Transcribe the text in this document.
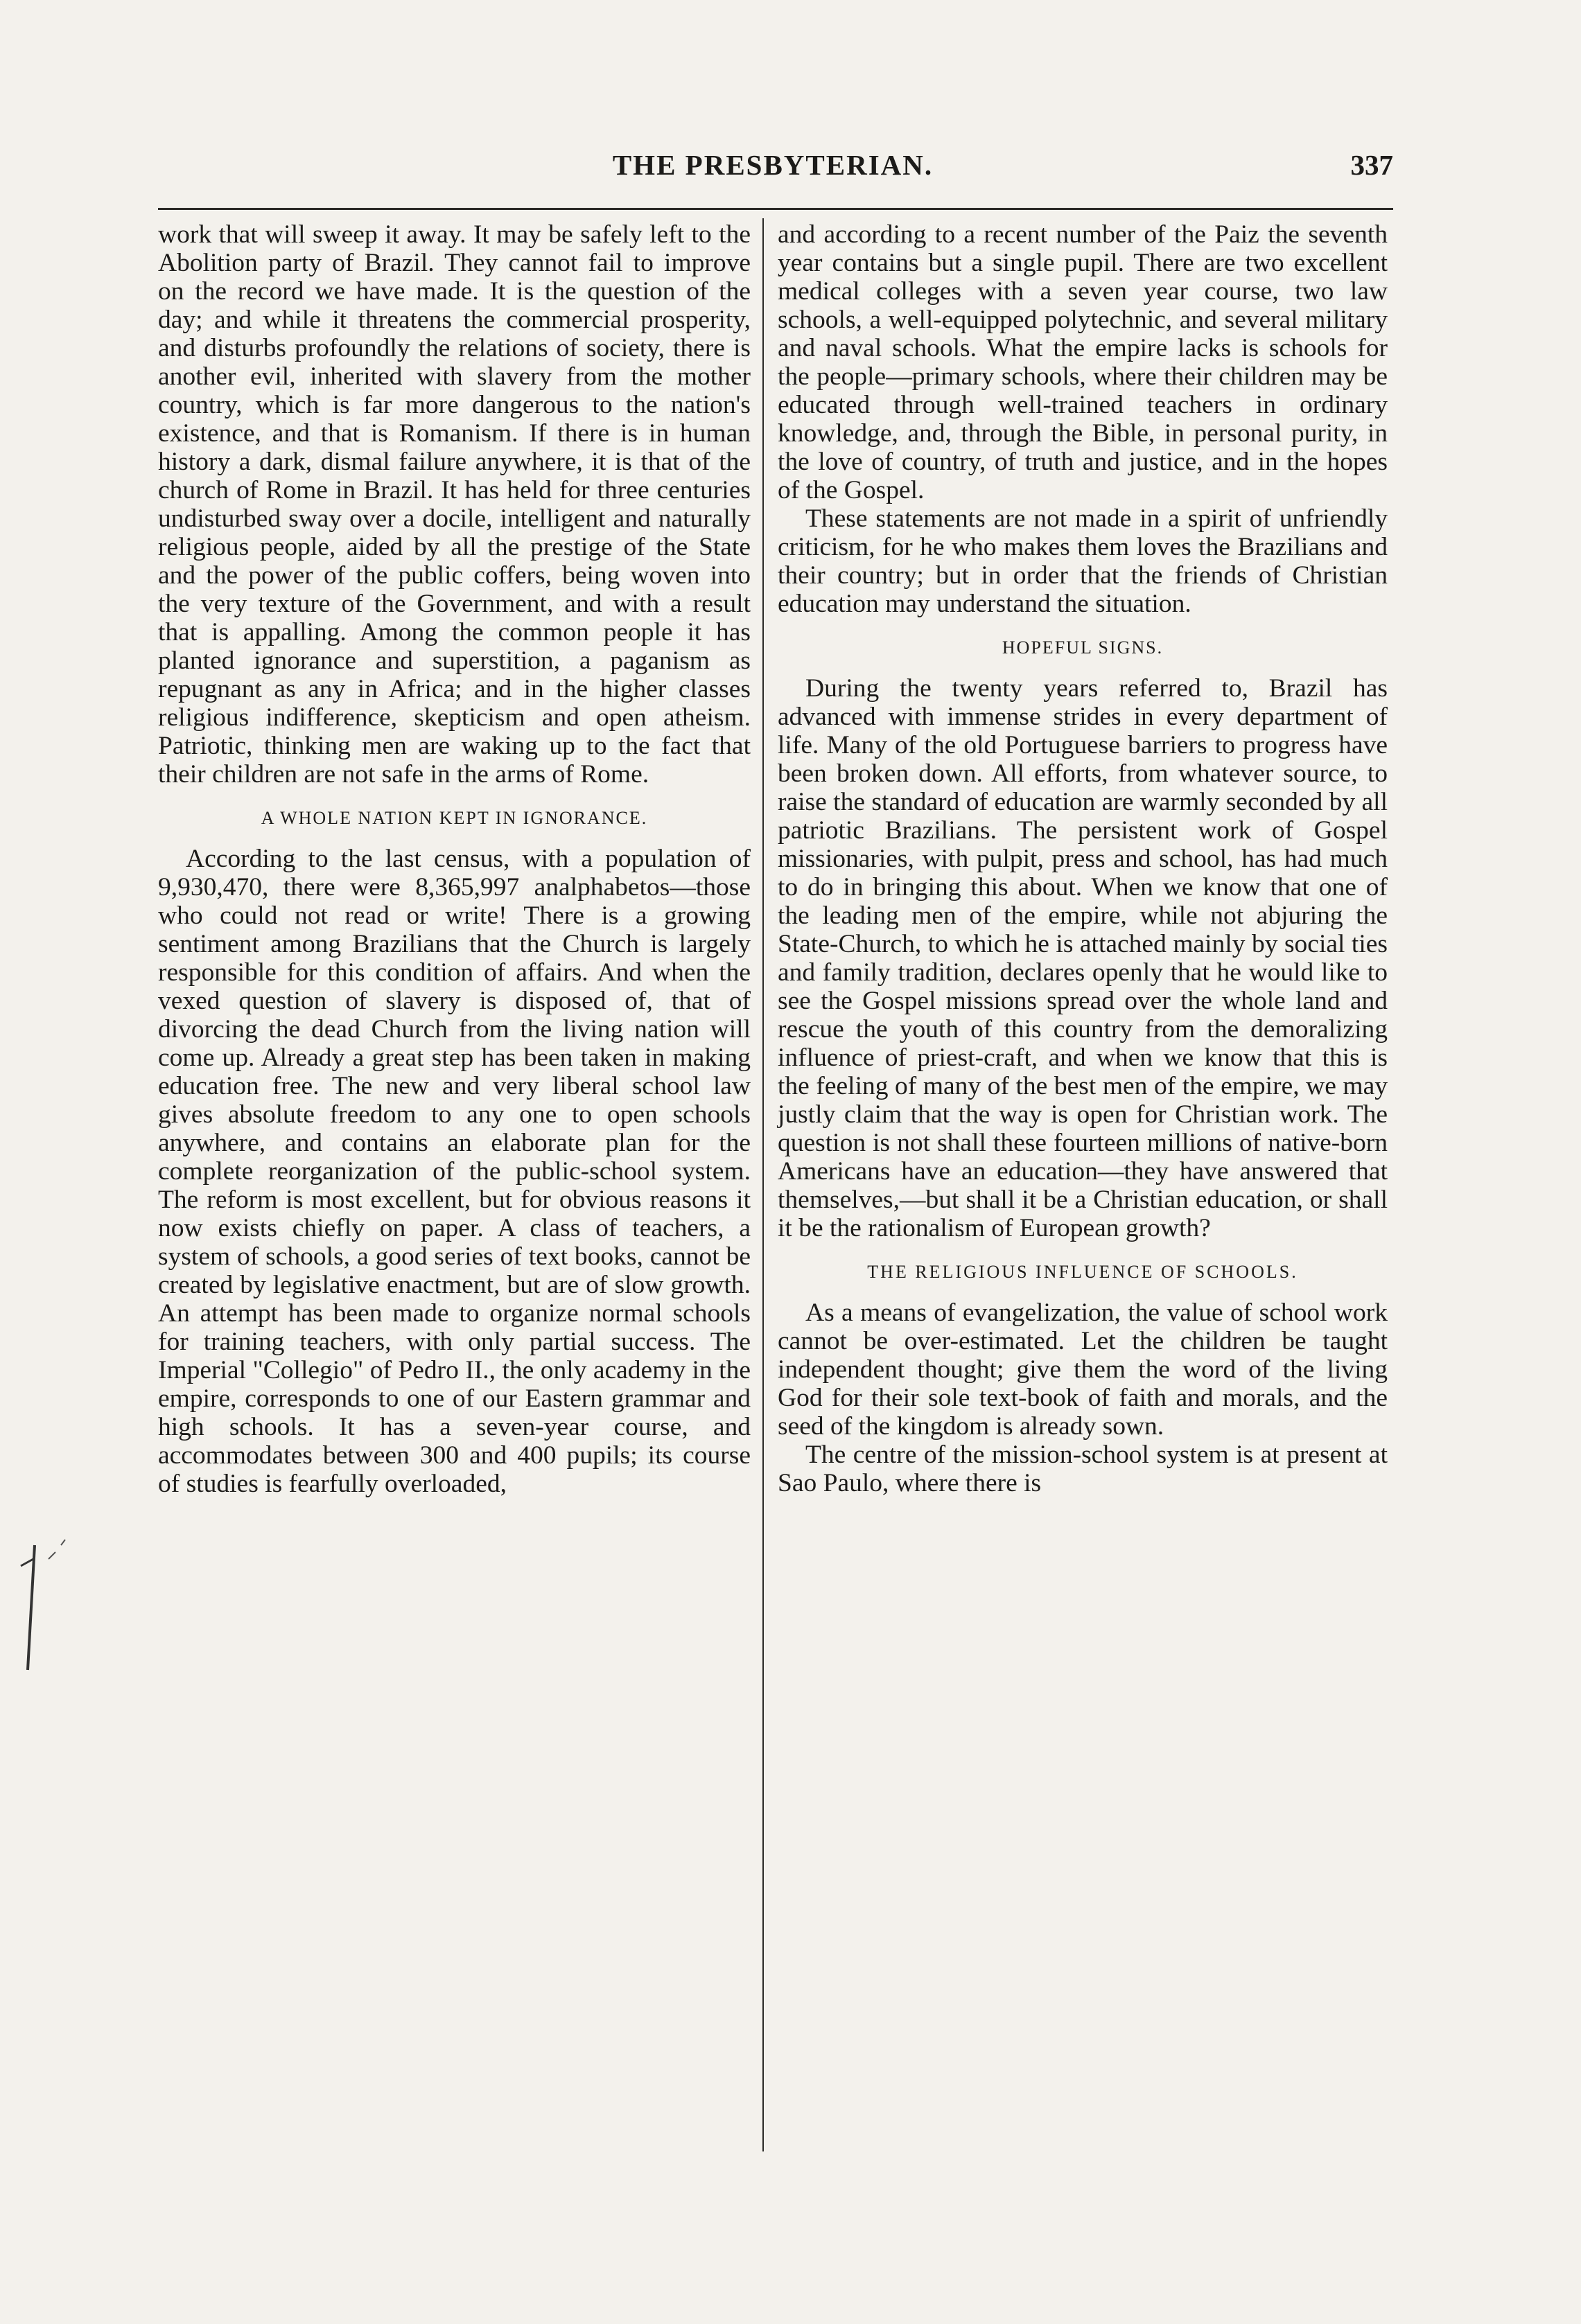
THE PRESBYTERIAN.	337

work that will sweep it away. It may be safely left to the Abolition party of Brazil. They cannot fail to improve on the record we have made. It is the question of the day; and while it threatens the commercial prosperity, and disturbs profoundly the relations of society, there is another evil, inherited with slavery from the mother country, which is far more dangerous to the nation's existence, and that is Romanism. If there is in human history a dark, dismal failure anywhere, it is that of the church of Rome in Brazil. It has held for three centuries undisturbed sway over a docile, intelligent and naturally religious people, aided by all the prestige of the State and the power of the public coffers, being woven into the very texture of the Government, and with a result that is appalling. Among the common people it has planted ignorance and superstition, a paganism as repugnant as any in Africa; and in the higher classes religious indifference, skepticism and open atheism. Patriotic, thinking men are waking up to the fact that their children are not safe in the arms of Rome.

A WHOLE NATION KEPT IN IGNORANCE.

According to the last census, with a population of 9,930,470, there were 8,365,997 analphabetos—those who could not read or write! There is a growing sentiment among Brazilians that the Church is largely responsible for this condition of affairs. And when the vexed question of slavery is disposed of, that of divorcing the dead Church from the living nation will come up. Already a great step has been taken in making education free. The new and very liberal school law gives absolute freedom to any one to open schools anywhere, and contains an elaborate plan for the complete reorganization of the public-school system. The reform is most excellent, but for obvious reasons it now exists chiefly on paper. A class of teachers, a system of schools, a good series of text books, cannot be created by legislative enactment, but are of slow growth. An attempt has been made to organize normal schools for training teachers, with only partial success. The Imperial "Collegio" of Pedro II., the only academy in the empire, corresponds to one of our Eastern grammar and high schools. It has a seven-year course, and accommodates between 300 and 400 pupils; its course of studies is fearfully overloaded,

and according to a recent number of the Paiz the seventh year contains but a single pupil. There are two excellent medical colleges with a seven year course, two law schools, a well-equipped polytechnic, and several military and naval schools. What the empire lacks is schools for the people—primary schools, where their children may be educated through well-trained teachers in ordinary knowledge, and, through the Bible, in personal purity, in the love of country, of truth and justice, and in the hopes of the Gospel.

These statements are not made in a spirit of unfriendly criticism, for he who makes them loves the Brazilians and their country; but in order that the friends of Christian education may understand the situation.

HOPEFUL SIGNS.

During the twenty years referred to, Brazil has advanced with immense strides in every department of life. Many of the old Portuguese barriers to progress have been broken down. All efforts, from whatever source, to raise the standard of education are warmly seconded by all patriotic Brazilians. The persistent work of Gospel missionaries, with pulpit, press and school, has had much to do in bringing this about. When we know that one of the leading men of the empire, while not abjuring the State-Church, to which he is attached mainly by social ties and family tradition, declares openly that he would like to see the Gospel missions spread over the whole land and rescue the youth of this country from the demoralizing influence of priest-craft, and when we know that this is the feeling of many of the best men of the empire, we may justly claim that the way is open for Christian work. The question is not shall these fourteen millions of native-born Americans have an education—they have answered that themselves,—but shall it be a Christian education, or shall it be the rationalism of European growth?

THE RELIGIOUS INFLUENCE OF SCHOOLS.

As a means of evangelization, the value of school work cannot be over-estimated. Let the children be taught independent thought; give them the word of the living God for their sole text-book of faith and morals, and the seed of the kingdom is already sown.

The centre of the mission-school system is at present at Sao Paulo, where there is
